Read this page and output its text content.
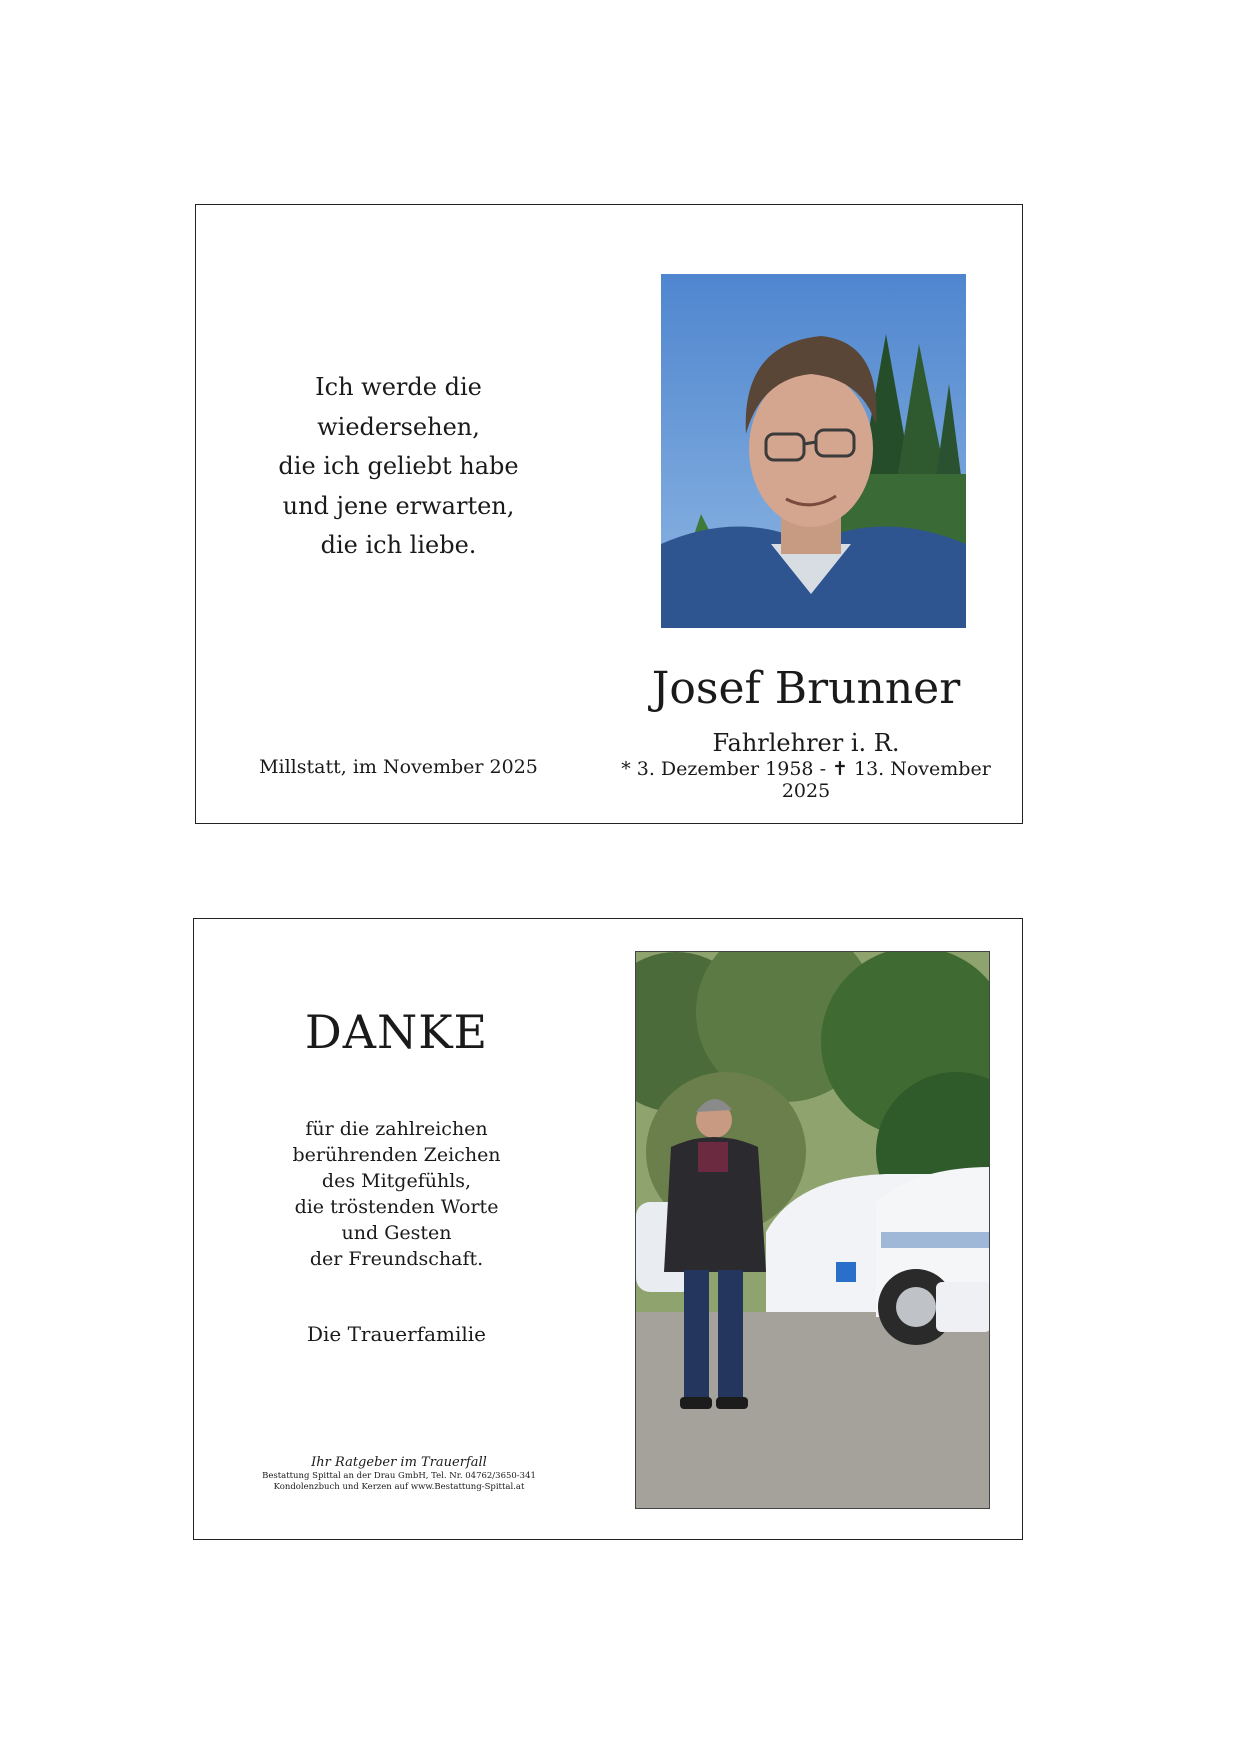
Ich werde die wiedersehen,
die ich geliebt habe
und jene erwarten,
die ich liebe.
Millstatt, im November 2025
Josef Brunner
Fahrlehrer i. R.
* 3. Dezember 1958 - ✝ 13. November 2025
DANKE
für die zahlreichen
berührenden Zeichen
des Mitgefühls,
die tröstenden Worte
und Gesten
der Freundschaft.
Die Trauerfamilie
Ihr Ratgeber im Trauerfall
Bestattung Spittal an der Drau GmbH, Tel. Nr. 04762/3650-341
Kondolenzbuch und Kerzen auf www.Bestattung-Spittal.at
